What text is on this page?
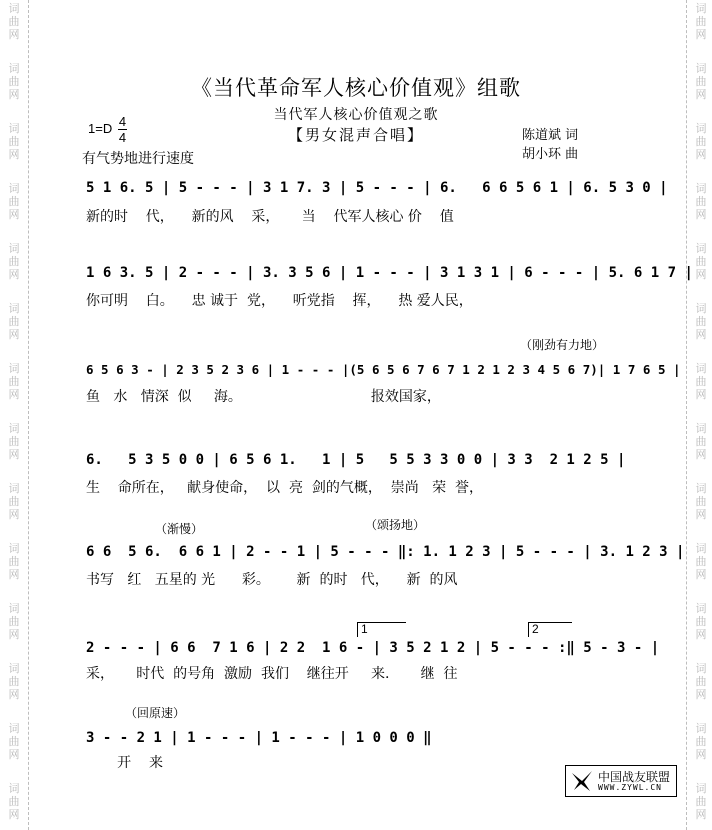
词
曲
网
词
曲
网
词
曲
网
词
曲
网
词
曲
网
词
曲
网
词
曲
网
词
曲
网
词
曲
网
词
曲
网
词
曲
网
词
曲
网
词
曲
网
词
曲
网
词
曲
网
词
曲
网
词
曲
网
词
曲
网
词
曲
网
词
曲
网
词
曲
网
词
曲
网
词
曲
网
词
曲
网
词
曲
网
词
曲
网
词
曲
网
词
曲
网
《当代革命军人核心价值观》组歌
当代军人核心价值观之歌
【男女混声合唱】
1=D 4
4
有气势地进行速度
陈道斌 词
胡小环 曲
5 1 6. 5 | 5 - - - | 3 1 7. 3 | 5 - - - | 6.   6 6 5 6 1 | 6. 5 3 0 |
新的时    代，    新的风    采，     当    代军人核心 价    值
1 6 3. 5 | 2 - - - | 3. 3 5 6 | 1 - - - | 3 1 3 1 | 6 - - - | 5. 6 1 7 |
你可明    白。    忠 诚于  党，    听党指    挥，    热 爱人民，
（刚劲有力地）
6 5 6 3 - | 2 3 5 2 3 6 | 1 - - - |(5 6 5 6 7 6 7 1 2 1 2 3 4 5 6 7)| 1 7 6 5 |
鱼   水   情深  似     海。                             报效国家，
6.   5 3 5 0 0 | 6 5 6 1.   1 | 5   5 5 3 3 0 0 | 3 3  2 1 2 5 |
生    命所在，   献身使命，  以  亮  剑的气概，  崇尚   荣  誉，
（渐慢）	（颂扬地）
6 6  5 6.  6 6 1 | 2 - - 1 | 5 - - - ‖: 1. 1 2 3 | 5 - - - | 3. 1 2 3 |
书写   红   五星的 光      彩。      新  的时   代，    新  的风
1	2
2 - - - | 6 6  7 1 6 | 2 2  1 6 - | 3 5 2 1 2 | 5 - - - :‖ 5 - 3 - |
采，     时代  的号角  激励  我们    继往开     来.       继  往
（回原速）
3 - - 2 1 | 1 - - - | 1 - - - | 1 0 0 0 ‖
开    来
中国战友联盟
WWW.ZYWL.CN
